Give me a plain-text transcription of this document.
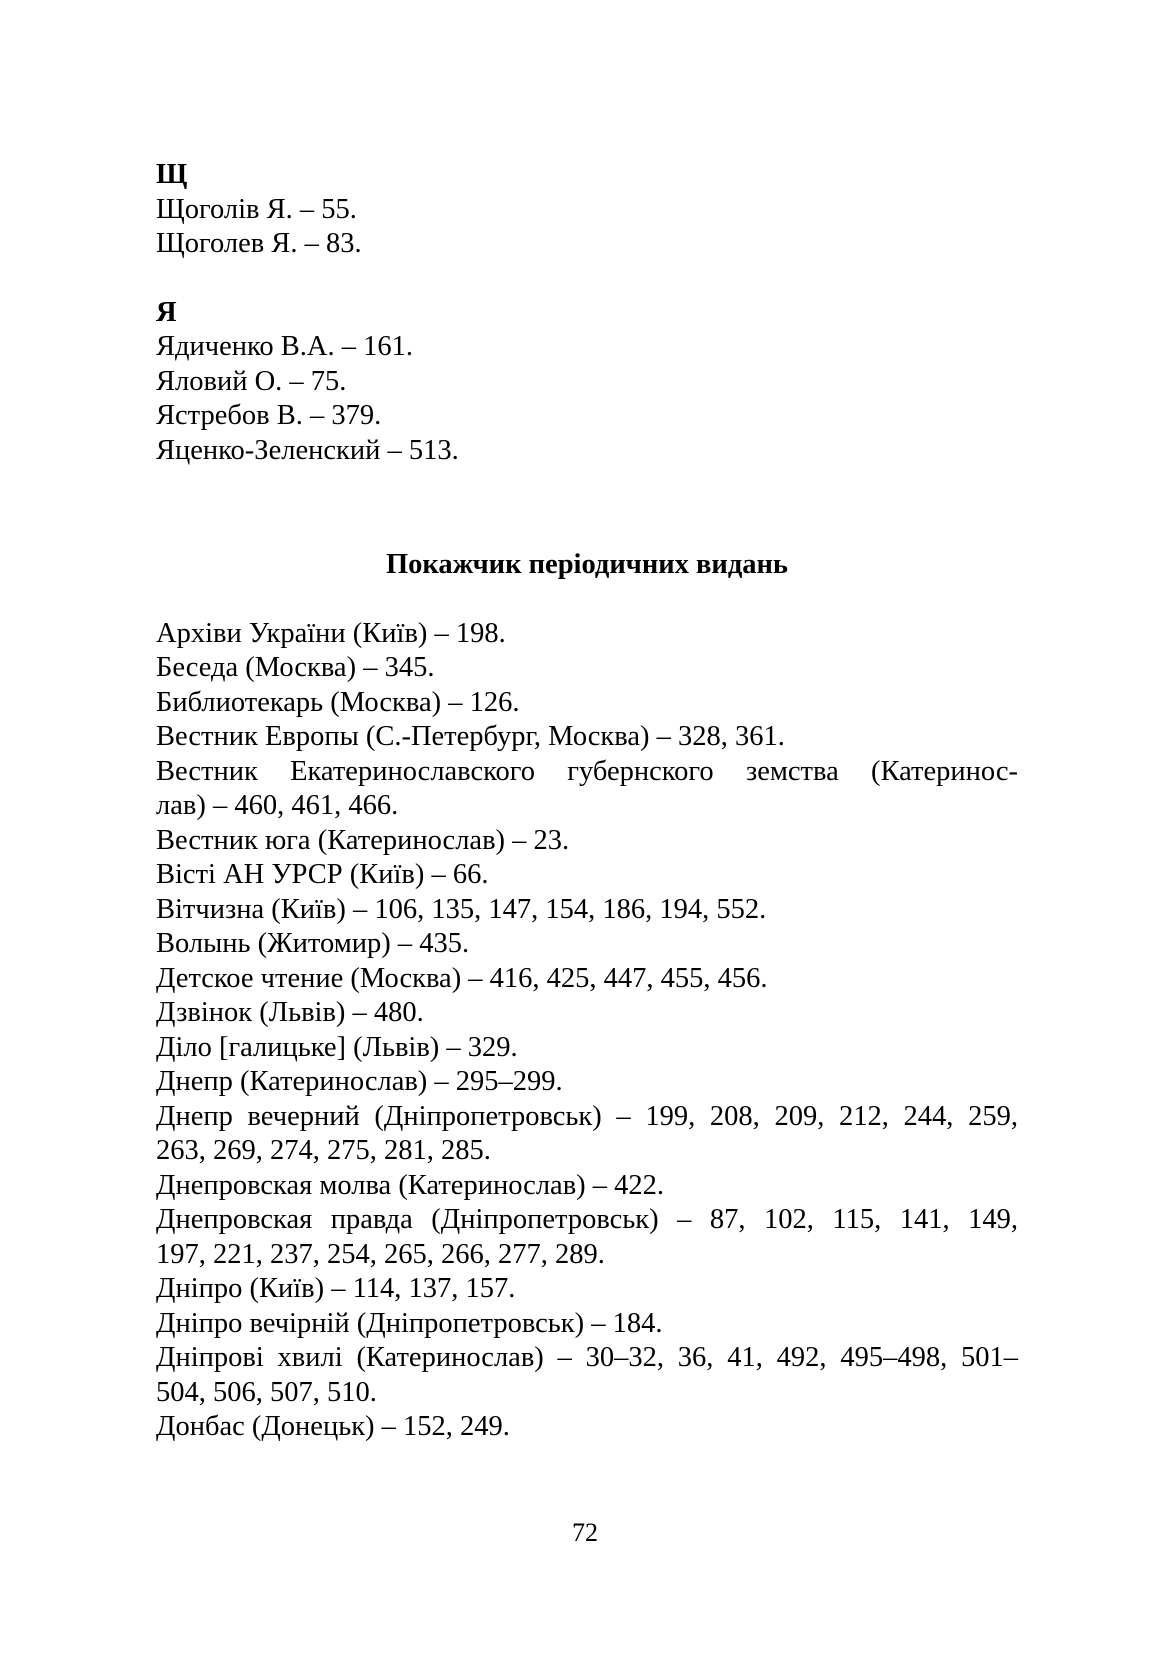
Щ
Щоголів Я. – 55.
Щоголев Я. – 83.
Я
Ядиченко В.А. – 161.
Яловий О. – 75.
Ястребов В. – 379.
Яценко-Зеленский – 513.
Покажчик періодичних видань
Архіви України (Київ) – 198.
Беседа (Москва) – 345.
Библиотекарь (Москва) – 126.
Вестник Европы (С.-Петербург, Москва) – 328, 361.
Вестник Екатеринославского губернского земства (Катеринос-
лав) – 460, 461, 466.
Вестник юга (Катеринослав) – 23.
Вісті АН УРСР (Київ) – 66.
Вітчизна (Київ) – 106, 135, 147, 154, 186, 194, 552.
Волынь (Житомир) – 435.
Детское чтение (Москва) – 416, 425, 447, 455, 456.
Дзвінок (Львів) – 480.
Діло [галицьке] (Львів) – 329.
Днепр (Катеринослав) – 295–299.
Днепр вечерний (Дніпропетровськ) – 199, 208, 209, 212, 244, 259,
263, 269, 274, 275, 281, 285.
Днепровская молва (Катеринослав) – 422.
Днепровская правда (Дніпропетровськ) – 87, 102, 115, 141, 149,
197, 221, 237, 254, 265, 266, 277, 289.
Дніпро (Київ) – 114, 137, 157.
Дніпро вечірній (Дніпропетровськ) – 184.
Дніпрові хвилі (Катеринослав) – 30–32, 36, 41, 492, 495–498, 501–
504, 506, 507, 510.
Донбас (Донецьк) – 152, 249.
72
